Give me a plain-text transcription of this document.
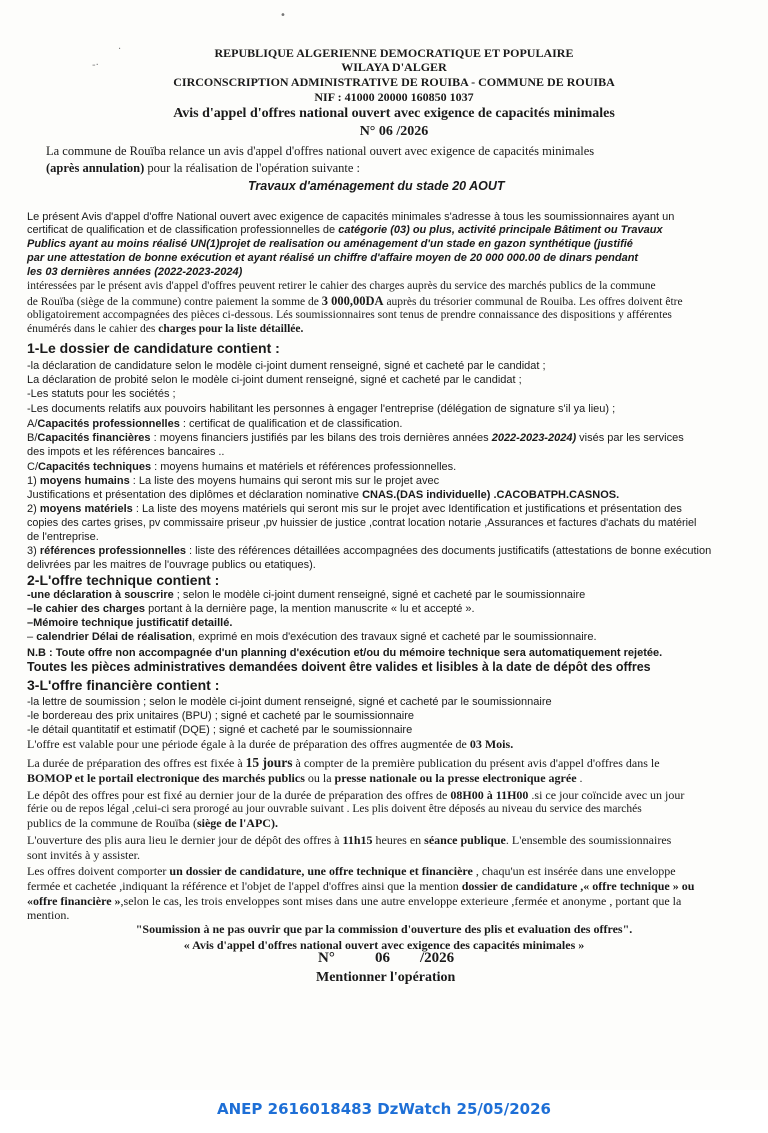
•
·
-·
REPUBLIQUE ALGERIENNE DEMOCRATIQUE ET POPULAIRE
WILAYA D'ALGER
CIRCONSCRIPTION ADMINISTRATIVE DE ROUIBA - COMMUNE DE ROUIBA
NIF : 41000 20000 160850 1037
Avis d'appel d'offres national ouvert avec exigence de capacités minimales
N° 06 /2026
La commune de Rouïba relance un avis d'appel d'offres national ouvert avec exigence de capacités minimales
(après annulation) pour la réalisation de l'opération suivante :
Travaux d'aménagement du stade 20 AOUT
Le présent Avis d'appel d'offre National ouvert avec exigence de capacités minimales s'adresse à tous les soumissionnaires ayant un
certificat de qualification et de classification professionnelles de catégorie (03) ou plus, activité principale Bâtiment ou Travaux
Publics ayant au moins réalisé UN(1)projet de realisation ou aménagement d'un stade en gazon synthétique (justifié
par une attestation de bonne exécution et ayant réalisé un chiffre d'affaire moyen de 20 000 000.00 de dinars pendant
les 03 dernières années (2022-2023-2024)
intéressées par le présent avis d'appel d'offres peuvent retirer le cahier des charges auprès du service des marchés publics de la commune
de Rouïba (siège de la commune) contre paiement la somme de 3 000,00DA auprès du trésorier communal de Rouiba. Les offres doivent être
obligatoirement accompagnées des pièces ci-dessous. Lés soumissionnaires sont tenus de prendre connaissance des dispositions y afférentes
énumérés dans le cahier des charges pour la liste détaillée.
1-Le dossier de candidature contient :
-la déclaration de candidature selon le modèle ci-joint dument renseigné, signé et cacheté par le candidat ;
La déclaration de probité selon le modèle ci-joint dument renseigné, signé et cacheté par le candidat ;
-Les statuts pour les sociétés ;
-Les documents relatifs aux pouvoirs habilitant les personnes à engager l'entreprise (délégation de signature s'il ya lieu) ;
A/Capacités professionnelles : certificat de qualification et de classification.
B/Capacités financières : moyens financiers justifiés par les bilans des trois dernières années 2022-2023-2024) visés par les services
des impots et les références bancaires ..
C/Capacités techniques : moyens humains et matériels et références professionnelles.
1) moyens humains : La liste des moyens humains qui seront mis sur le projet avec
Justifications et présentation des diplômes et déclaration nominative CNAS.(DAS individuelle) .CACOBATPH.CASNOS.
2) moyens matériels : La liste des moyens matériels qui seront mis sur le projet avec Identification et justifications et présentation des
copies des cartes grises, pv commissaire priseur ,pv huissier de justice ,contrat location notarie ,Assurances et factures d'achats du matériel
de l'entreprise.
3) références professionnelles : liste des références détaillées accompagnées des documents justificatifs (attestations de bonne exécution
delivrées par les maitres de l'ouvrage publics ou etatiques).
2-L'offre technique contient :
-une déclaration à souscrire ; selon le modèle ci-joint dument renseigné, signé et cacheté par le soumissionnaire
–le cahier des charges portant à la dernière page, la mention manuscrite « lu et accepté ».
–Mémoire technique justificatif detaillé.
– calendrier Délai de réalisation, exprimé en mois d'exécution des travaux signé et cacheté par le soumissionnaire.
N.B : Toute offre non accompagnée d'un planning d'exécution et/ou du mémoire technique sera automatiquement rejetée.
Toutes les pièces administratives demandées doivent être valides et lisibles à la date de dépôt des offres
3-L'offre financière contient :
-la lettre de soumission ; selon le modèle ci-joint dument renseigné, signé et cacheté par le soumissionnaire
-le bordereau des prix unitaires (BPU) ; signé et cacheté par le soumissionnaire
-le détail quantitatif et estimatif (DQE) ; signé et cacheté par le soumissionnaire
L'offre est valable pour une période égale à la durée de préparation des offres augmentée de 03 Mois.
La durée de préparation des offres est fixée à 15 jours à compter de la première publication du présent avis d'appel d'offres dans le
BOMOP et le portail electronique des marchés publics ou la presse nationale ou la presse electronique agrée .
Le dépôt des offres pour est fixé au dernier jour de la durée de préparation des offres de 08H00 à 11H00 .si ce jour coïncide avec un jour
férie ou de repos légal ,celui-ci sera prorogé au jour ouvrable suivant . Les plis doivent être déposés au niveau du service des marchés
publics de la commune de Rouïba (siège de l'APC).
L'ouverture des plis aura lieu le dernier jour de dépôt des offres à 11h15 heures en séance publique. L'ensemble des soumissionnaires
sont invités à y assister.
Les offres doivent comporter un dossier de candidature, une offre technique et financière , chaqu'un est insérée dans une enveloppe
fermée et cachetée ,indiquant la référence et l'objet de l'appel d'offres ainsi que la mention dossier de candidature ,« offre technique » ou
«offre financière »,selon le cas, les trois enveloppes sont mises dans une autre enveloppe exterieure ,fermée et anonyme , portant que la
mention.
"Soumission à ne pas ouvrir que par la commission d'ouverture des plis et evaluation des offres".
« Avis d'appel d'offres national ouvert avec exigence des capacités minimales »
N°	06 /2026
Mentionner l'opération
ANEP 2616018483 DzWatch 25/05/2026
